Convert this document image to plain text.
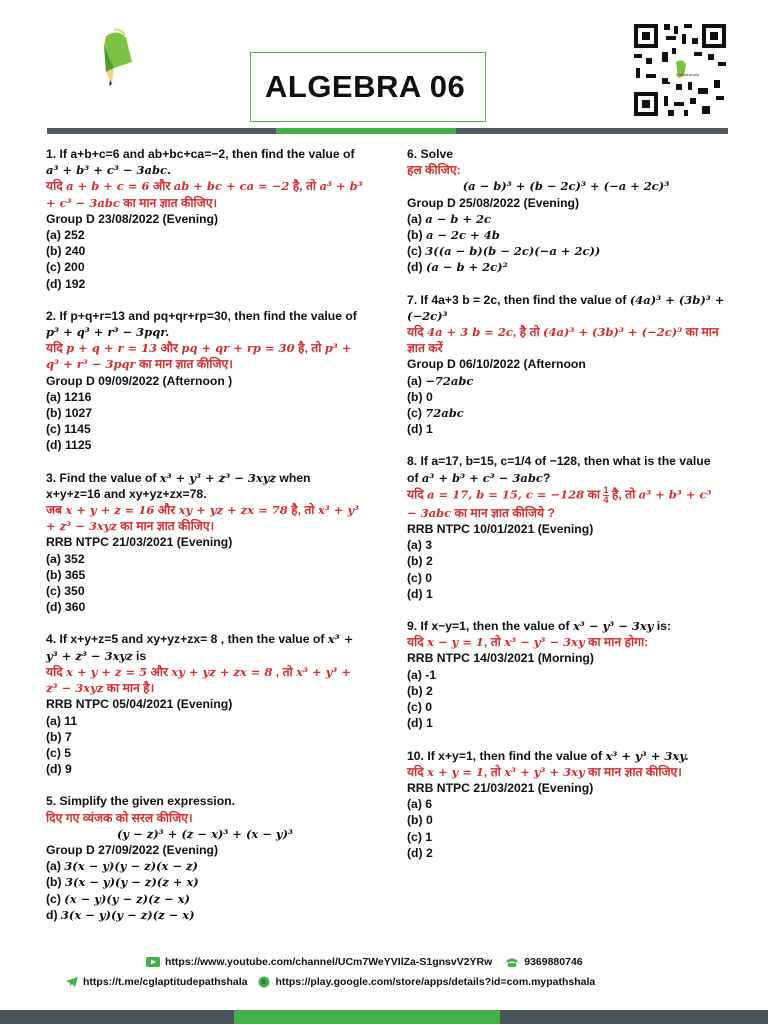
ALGEBRA 06	MyPathshala
1. If a+b+c=6 and ab+bc+ca=−2, then find the value of a³ + b³ + c³ − 3abc.
यदि a + b + c = 6 और ab + bc + ca = −2 है, तो a³ + b³ + c³ − 3abc का मान ज्ञात कीजिए।
Group D 23/08/2022 (Evening)
(a) 252
(b) 240
(c) 200
(d) 192
2. If p+q+r=13 and pq+qr+rp=30, then find the value of p³ + q³ + r³ − 3pqr.
यदि p + q + r = 13 और pq + qr + rp = 30 है, तो p³ + q³ + r³ − 3pqr का मान ज्ञात कीजिए।
Group D 09/09/2022 (Afternoon )
(a) 1216
(b) 1027
(c) 1145
(d) 1125
3. Find the value of x³ + y³ + z³ − 3xyz when x+y+z=16 and xy+yz+zx=78.
जब x + y + z = 16 और xy + yz + zx = 78 है, तो x³ + y³ + z³ − 3xyz का मान ज्ञात कीजिए।
RRB NTPC 21/03/2021 (Evening)
(a) 352
(b) 365
(c) 350
(d) 360
4. If x+y+z=5 and xy+yz+zx= 8 , then the value of x³ + y³ + z³ − 3xyz is
यदि x + y + z = 5 और xy + yz + zx = 8 , तो x³ + y³ + z³ − 3xyz का मान है।
RRB NTPC 05/04/2021 (Evening)
(a) 11
(b) 7
(c) 5
(d) 9
5. Simplify the given expression.
दिए गए व्यंजक को सरल कीजिए।
(y − z)³ + (z − x)³ + (x − y)³
Group D 27/09/2022 (Evening)
(a) 3(x − y)(y − z)(x − z)
(b) 3(x − y)(y − z)(z + x)
(c) (x − y)(y − z)(z − x)
d) 3(x − y)(y − z)(z − x)
6. Solve
हल कीजिए:
(a − b)³ + (b − 2c)³ + (−a + 2c)³
Group D 25/08/2022 (Evening)
(a) a − b + 2c
(b) a − 2c + 4b
(c) 3((a − b)(b − 2c)(−a + 2c))
(d) (a − b + 2c)²
7. If 4a+3 b = 2c, then find the value of (4a)³ + (3b)³ + (−2c)³
यदि 4a + 3 b = 2c, है तो (4a)³ + (3b)³ + (−2c)³ का मान ज्ञात करें
Group D 06/10/2022 (Afternoon
(a) −72abc
(b) 0
(c) 72abc
(d) 1
8. If a=17, b=15, c=1/4 of −128, then what is the value of a³ + b³ + c³ − 3abc?
यदि a = 17, b = 15, c = −128 का $\frac{1}{4}$ है, तो a³ + b³ + c³ − 3abc का मान ज्ञात कीजिये ?
RRB NTPC 10/01/2021 (Evening)
(a) 3
(b) 2
(c) 0
(d) 1
9. If x−y=1, then the value of x³ − y³ − 3xy is:
यदि x − y = 1, तो x³ − y³ − 3xy का मान होगा:
RRB NTPC 14/03/2021 (Morning)
(a) -1
(b) 2
(c) 0
(d) 1
10. If x+y=1, then find the value of x³ + y³ + 3xy.
यदि x + y = 1, तो x³ + y³ + 3xy का मान ज्ञात कीजिए।
RRB NTPC 21/03/2021 (Evening)
(a) 6
(b) 0
(c) 1
(d) 2
https://www.youtube.com/channel/UCm7WeYVIlZa-S1gnsvV2YRw	9369880746
https://t.me/cglaptitudepathshala	https://play.google.com/store/apps/details?id=com.mypathshala
